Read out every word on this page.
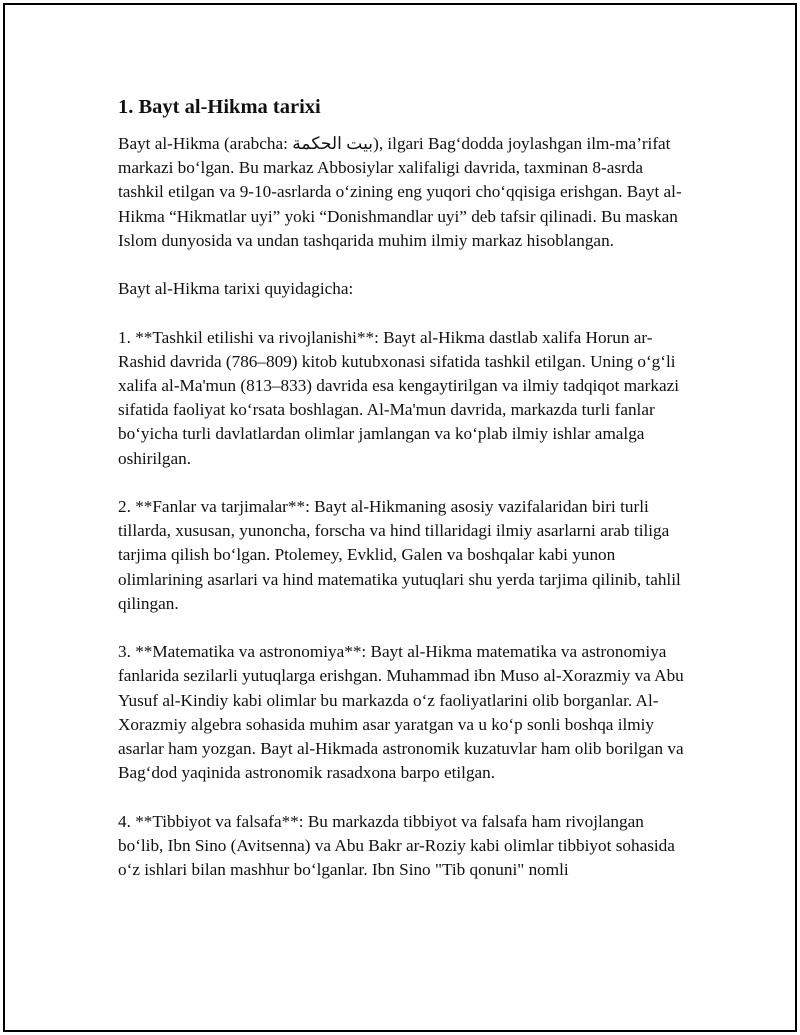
1. Bayt al-Hikma tarixi

Bayt al-Hikma (arabcha: بيت الحكمة), ilgari Bag‘dodda joylashgan ilm-ma’rifat markazi bo‘lgan. Bu markaz Abbosiylar xalifaligi davrida, taxminan 8-asrda tashkil etilgan va 9-10-asrlarda o‘zining eng yuqori cho‘qqisiga erishgan. Bayt al-Hikma “Hikmatlar uyi” yoki “Donishmandlar uyi” deb tafsir qilinadi. Bu maskan Islom dunyosida va undan tashqarida muhim ilmiy markaz hisoblangan.

Bayt al-Hikma tarixi quyidagicha:

1. **Tashkil etilishi va rivojlanishi**: Bayt al-Hikma dastlab xalifa Horun ar-Rashid davrida (786–809) kitob kutubxonasi sifatida tashkil etilgan. Uning o‘g‘li xalifa al-Ma'mun (813–833) davrida esa kengaytirilgan va ilmiy tadqiqot markazi sifatida faoliyat ko‘rsata boshlagan. Al-Ma'mun davrida, markazda turli fanlar bo‘yicha turli davlatlardan olimlar jamlangan va ko‘plab ilmiy ishlar amalga oshirilgan.

2. **Fanlar va tarjimalar**: Bayt al-Hikmaning asosiy vazifalaridan biri turli tillarda, xususan, yunoncha, forscha va hind tillaridagi ilmiy asarlarni arab tiliga tarjima qilish bo‘lgan. Ptolemey, Evklid, Galen va boshqalar kabi yunon olimlarining asarlari va hind matematika yutuqlari shu yerda tarjima qilinib, tahlil qilingan.

3. **Matematika va astronomiya**: Bayt al-Hikma matematika va astronomiya fanlarida sezilarli yutuqlarga erishgan. Muhammad ibn Muso al-Xorazmiy va Abu Yusuf al-Kindiy kabi olimlar bu markazda o‘z faoliyatlarini olib borganlar. Al-Xorazmiy algebra sohasida muhim asar yaratgan va u ko‘p sonli boshqa ilmiy asarlar ham yozgan. Bayt al-Hikmada astronomik kuzatuvlar ham olib borilgan va Bag‘dod yaqinida astronomik rasadxona barpo etilgan.

4. **Tibbiyot va falsafa**: Bu markazda tibbiyot va falsafa ham rivojlangan bo‘lib, Ibn Sino (Avitsenna) va Abu Bakr ar-Roziy kabi olimlar tibbiyot sohasida o‘z ishlari bilan mashhur bo‘lganlar. Ibn Sino "Tib qonuni" nomli
